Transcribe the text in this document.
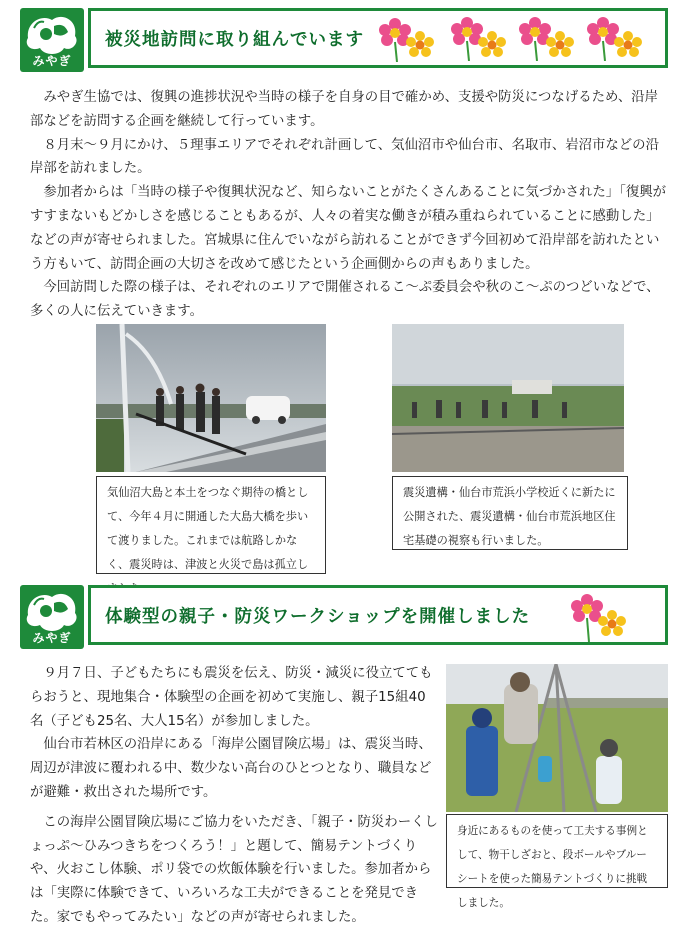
みやぎ
被災地訪問に取り組んでいます

みやぎ生協では、復興の進捗状況や当時の様子を自身の目で確かめ、支援や防災につなげるため、沿岸部などを訪問する企画を継続して行っています。

８月末～９月にかけ、５理事エリアでそれぞれ計画して、気仙沼市や仙台市、名取市、岩沼市などの沿岸部を訪れました。

参加者からは「当時の様子や復興状況など、知らないことがたくさんあることに気づかされた」「復興がすすまないもどかしさを感じることもあるが、人々の着実な働きが積み重ねられていることに感動した」などの声が寄せられました。宮城県に住んでいながら訪れることができず今回初めて沿岸部を訪れたという方もいて、訪問企画の大切さを改めて感じたという企画側からの声もありました。

今回訪問した際の様子は、それぞれのエリアで開催されるこ～ぷ委員会や秋のこ～ぷのつどいなどで、多くの人に伝えていきます。

気仙沼大島と本土をつなぐ期待の橋として、今年４月に開通した大島大橋を歩いて渡りました。これまでは航路しかなく、震災時は、津波と火災で島は孤立し
震災遺構・仙台市荒浜小学校近くに新たに公開された、震災遺構・仙台市荒浜地区住宅基礎の視察も行いました。
みやぎ
体験型の親子・防災ワークショップを開催しました

９月７日、子どもたちにも震災を伝え、防災・減災に役立ててもらおうと、現地集合・体験型の企画を初めて実施し、親子15組40名（子ども25名、大人15名）が参加しました。

仙台市若林区の沿岸にある「海岸公園冒険広場」は、震災当時、周辺が津波に覆われる中、数少ない高台のひとつとなり、職員などが避難・救出された場所です。

この海岸公園冒険広場にご協力をいただき、「親子・防災わーくしょっぷ～ひみつきちをつくろう！」と題して、簡易テントづくりや、火おこし体験、ポリ袋での炊飯体験を行いました。参加者からは「実際に体験できて、いろいろな工夫ができることを発見できた。家でもやってみたい」などの声が寄せられました。

身近にあるものを使って工夫する事例として、物干しざおと、段ボールやブルーシートを使った簡易テントづくりに挑戦しました。
